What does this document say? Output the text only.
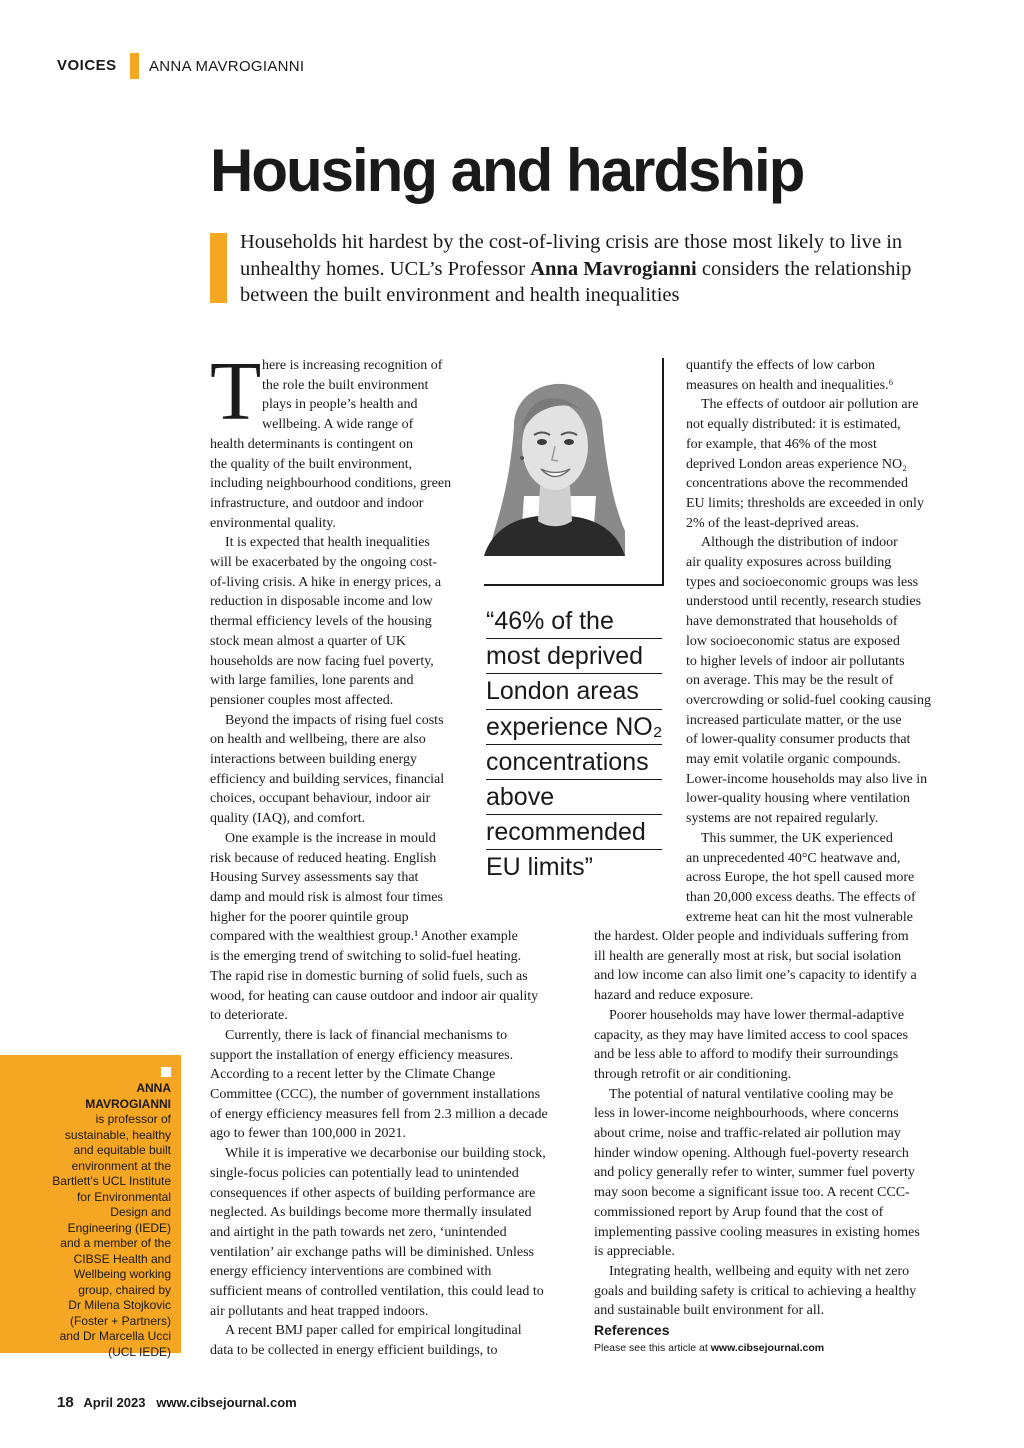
VOICES ANNA MAVROGIANNI
Housing and hardship
Households hit hardest by the cost-of-living crisis are those most likely to live in unhealthy homes. UCL’s Professor Anna Mavrogianni considers the relationship between the built environment and health inequalities
T here is increasing recognition of
the role the built environment
plays in people’s health and
wellbeing. A wide range of
health determinants is contingent on
the quality of the built environment,
including neighbourhood conditions, green
infrastructure, and outdoor and indoor
environmental quality.
It is expected that health inequalities
will be exacerbated by the ongoing cost-
of-living crisis. A hike in energy prices, a
reduction in disposable income and low
thermal efficiency levels of the housing
stock mean almost a quarter of UK
households are now facing fuel poverty,
with large families, lone parents and
pensioner couples most affected.
Beyond the impacts of rising fuel costs
on health and wellbeing, there are also
interactions between building energy
efficiency and building services, financial
choices, occupant behaviour, indoor air
quality (IAQ), and comfort.
One example is the increase in mould
risk because of reduced heating. English
Housing Survey assessments say that
damp and mould risk is almost four times
higher for the poorer quintile group
compared with the wealthiest group.¹ Another example
is the emerging trend of switching to solid-fuel heating.
The rapid rise in domestic burning of solid fuels, such as
wood, for heating can cause outdoor and indoor air quality
to deteriorate.
Currently, there is lack of financial mechanisms to
support the installation of energy efficiency measures.
According to a recent letter by the Climate Change
Committee (CCC), the number of government installations
of energy efficiency measures fell from 2.3 million a decade
ago to fewer than 100,000 in 2021.
While it is imperative we decarbonise our building stock,
single-focus policies can potentially lead to unintended
consequences if other aspects of building performance are
neglected. As buildings become more thermally insulated
and airtight in the path towards net zero, ‘unintended
ventilation’ air exchange paths will be diminished. Unless
energy efficiency interventions are combined with
sufficient means of controlled ventilation, this could lead to
air pollutants and heat trapped indoors.
A recent BMJ paper called for empirical longitudinal
data to be collected in energy efficient buildings, to
“46% of the
most deprived
London areas
experience NO₂
concentrations
above
recommended
EU limits”
quantify the effects of low carbon
measures on health and inequalities.⁶
The effects of outdoor air pollution are
not equally distributed: it is estimated,
for example, that 46% of the most
deprived London areas experience NO₂
concentrations above the recommended
EU limits; thresholds are exceeded in only
2% of the least-deprived areas.
Although the distribution of indoor
air quality exposures across building
types and socioeconomic groups was less
understood until recently, research studies
have demonstrated that households of
low socioeconomic status are exposed
to higher levels of indoor air pollutants
on average. This may be the result of
overcrowding or solid-fuel cooking causing
increased particulate matter, or the use
of lower-quality consumer products that
may emit volatile organic compounds.
Lower-income households may also live in
lower-quality housing where ventilation
systems are not repaired regularly.
This summer, the UK experienced
an unprecedented 40°C heatwave and,
across Europe, the hot spell caused more
than 20,000 excess deaths. The effects of
extreme heat can hit the most vulnerable
the hardest. Older people and individuals suffering from
ill health are generally most at risk, but social isolation
and low income can also limit one’s capacity to identify a
hazard and reduce exposure.
Poorer households may have lower thermal-adaptive
capacity, as they may have limited access to cool spaces
and be less able to afford to modify their surroundings
through retrofit or air conditioning.
The potential of natural ventilative cooling may be
less in lower-income neighbourhoods, where concerns
about crime, noise and traffic-related air pollution may
hinder window opening. Although fuel-poverty research
and policy generally refer to winter, summer fuel poverty
may soon become a significant issue too. A recent CCC-
commissioned report by Arup found that the cost of
implementing passive cooling measures in existing homes
is appreciable.
Integrating health, wellbeing and equity with net zero
goals and building safety is critical to achieving a healthy
and sustainable built environment for all.
ANNA
MAVROGIANNI
is professor of
sustainable, healthy
and equitable built
environment at the
Bartlett’s UCL Institute
for Environmental
Design and
Engineering (IEDE)
and a member of the
CIBSE Health and
Wellbeing working
group, chaired by
Dr Milena Stojkovic
(Foster + Partners)
and Dr Marcella Ucci
(UCL IEDE)
References
Please see this article at www.cibsejournal.com
18 April 2023 www.cibsejournal.com
